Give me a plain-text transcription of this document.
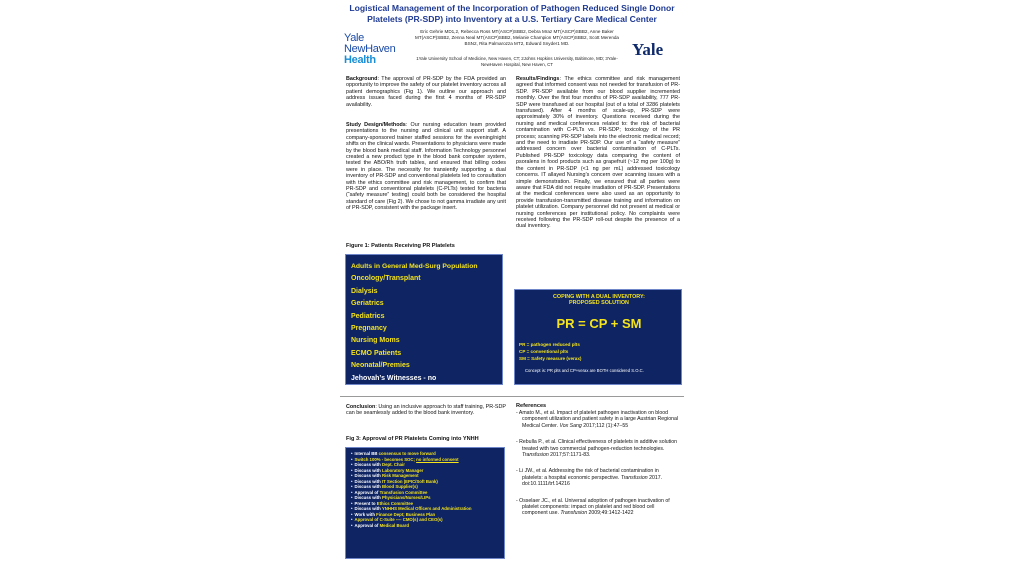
Logistical Management of the Incorporation of Pathogen Reduced Single Donor
Platelets (PR-SDP) into Inventory at a U.S. Tertiary Care Medical Center
Yale
NewHaven
Health
Eric Gehrie MD1,2, Rebecca Ross MT(ASCP)SBB2, Debra Mraz MT(ASCP)SBB2, Anne Baker MT(ASCP)SBB2, Zenna Neal MT(ASCP)SBB2, Melanie Champion MT(ASCP)SBB2, Scott Merenda BSN2, Rita Palmarozza MT2, Edward Snyder1 MD.
1Yale University School of Medicine, New Haven, CT; 2Johns Hopkins University, Baltimore, MD; 3Yale-NewHaven Hospital, New Haven, CT
Yale
Background: The approval of PR-SDP by the FDA provided an opportunity to improve the safety of our platelet inventory across all patient demographics (Fig 1). We outline our approach and address issues faced during the first 4 months of PR-SDP availability.
Study Design/Methods: Our nursing education team provided presentations to the nursing and clinical unit support staff. A company-sponsored trainer staffed sessions for the evening/night shifts on the clinical wards. Presentations to physicians were made by the blood bank medical staff. Information Technology personnel created a new product type in the blood bank computer system, tested the ABO/Rh truth tables, and ensured that billing codes were in place. The necessity for transiently supporting a dual inventory of PR-SDP and conventional platelets led to consultation with the ethics committee and risk management, to confirm that PR-SDP and conventional platelets (C-PLTs) tested for bacteria (“safety measure” testing) could both be considered the hospital standard of care (Fig 2). We chose to not gamma irradiate any unit of PR-SDP, consistent with the package insert.
Figure 1: Patients Receiving PR Platelets
Adults in General Med-Surg Population
Oncology/Transplant
Dialysis
Geriatrics
Pediatrics
Pregnancy
Nursing Moms
ECMO Patients
Neonatal/Premies
Jehovah’s Witnesses - no
Results/Findings: The ethics committee and risk management agreed that informed consent was not needed for transfusion of PR-SDP. PR-SDP available from our blood supplier incremented monthly. Over the first four months of PR-SDP availability, 777 PR-SDP were transfused at our hospital (out of a total of 3286 platelets transfused). After 4 months of scale-up, PR-SDP were approximately 30% of inventory. Questions received during the nursing and medical conferences related to: the risk of bacterial contamination with C-PLTs vs. PR-SDP; toxicology of the PR process; scanning PR-SDP labels into the electronic medical record; and the need to irradiate PR-SDP. Our use of a “safety measure” addressed concern over bacterial contamination of C-PLTs. Published PR-SDP toxicology data comparing the content of psoralens in food products such as grapefruit (~12 mg per 100g) to the content in PR-SDP (<1 ng per mL) addressed toxicology concerns. IT allayed Nursing’s concern over scanning issues with a simple demonstration. Finally, we ensured that all parties were aware that FDA did not require irradiation of PR-SDP. Presentations at the medical conferences were also used as an opportunity to provide transfusion-transmitted disease training and information on platelet utilization. Company personnel did not present at medical or nursing conferences per institutional policy. No complaints were received following the PR-SDP roll-out despite the presence of a dual inventory.
COPING WITH A DUAL INVENTORY:
PROPOSED SOLUTION
PR = CP + SM
PR = pathogen reduced plts
CP = conventional plts
SM = Safety measure (verax)
Concept is: PR plts and CP+verax are BOTH considered S.O.C.
Conclusion: Using an inclusive approach to staff training, PR-SDP can be seamlessly added to the blood bank inventory.
Fig 3: Approval of PR Platelets Coming into YNHH
• Internal BB consensus to move forward
• Switch 100% - becomes SOC; no informed consent
• Discuss with Dept. Chair
• Discuss with Laboratory Manager
• Discuss with Risk Management
• Discuss with IT Section (EPIC/Soft Bank)
• Discuss with Blood Supplier(s)
• Approval of Transfusion Committee
• Discuss with Physicians/Nurses/LIPs
• Present to Ethics Committee
• Discuss with YNHHS Medical Officers and Administration
• Work with Finance Dept; Business Plan
• Approval of C-Suite ---- CMO(s) and CEO(s)
• Approval of Medical Board
References
- Amato M., et al. Impact of platelet pathogen inactivation on blood component utilization and patient safety in a large Austrian Regional Medical Center. Vox Sang 2017;112 (1):47–55
- Rebulla P., et al. Clinical effectiveness of platelets in additive solution treated with two commercial pathogen-reduction technologies. Transfusion 2017;57:1171-83.
- Li JW., et al. Addressing the risk of bacterial contamination in platelets: a hospital economic perspective. Transfusion 2017. doi:10.1111/trf.14216
- Osselaer JC., et al. Universal adoption of pathogen inactivation of platelet components: impact on platelet and red blood cell component use. Transfusion 2009;49:1412-1422
